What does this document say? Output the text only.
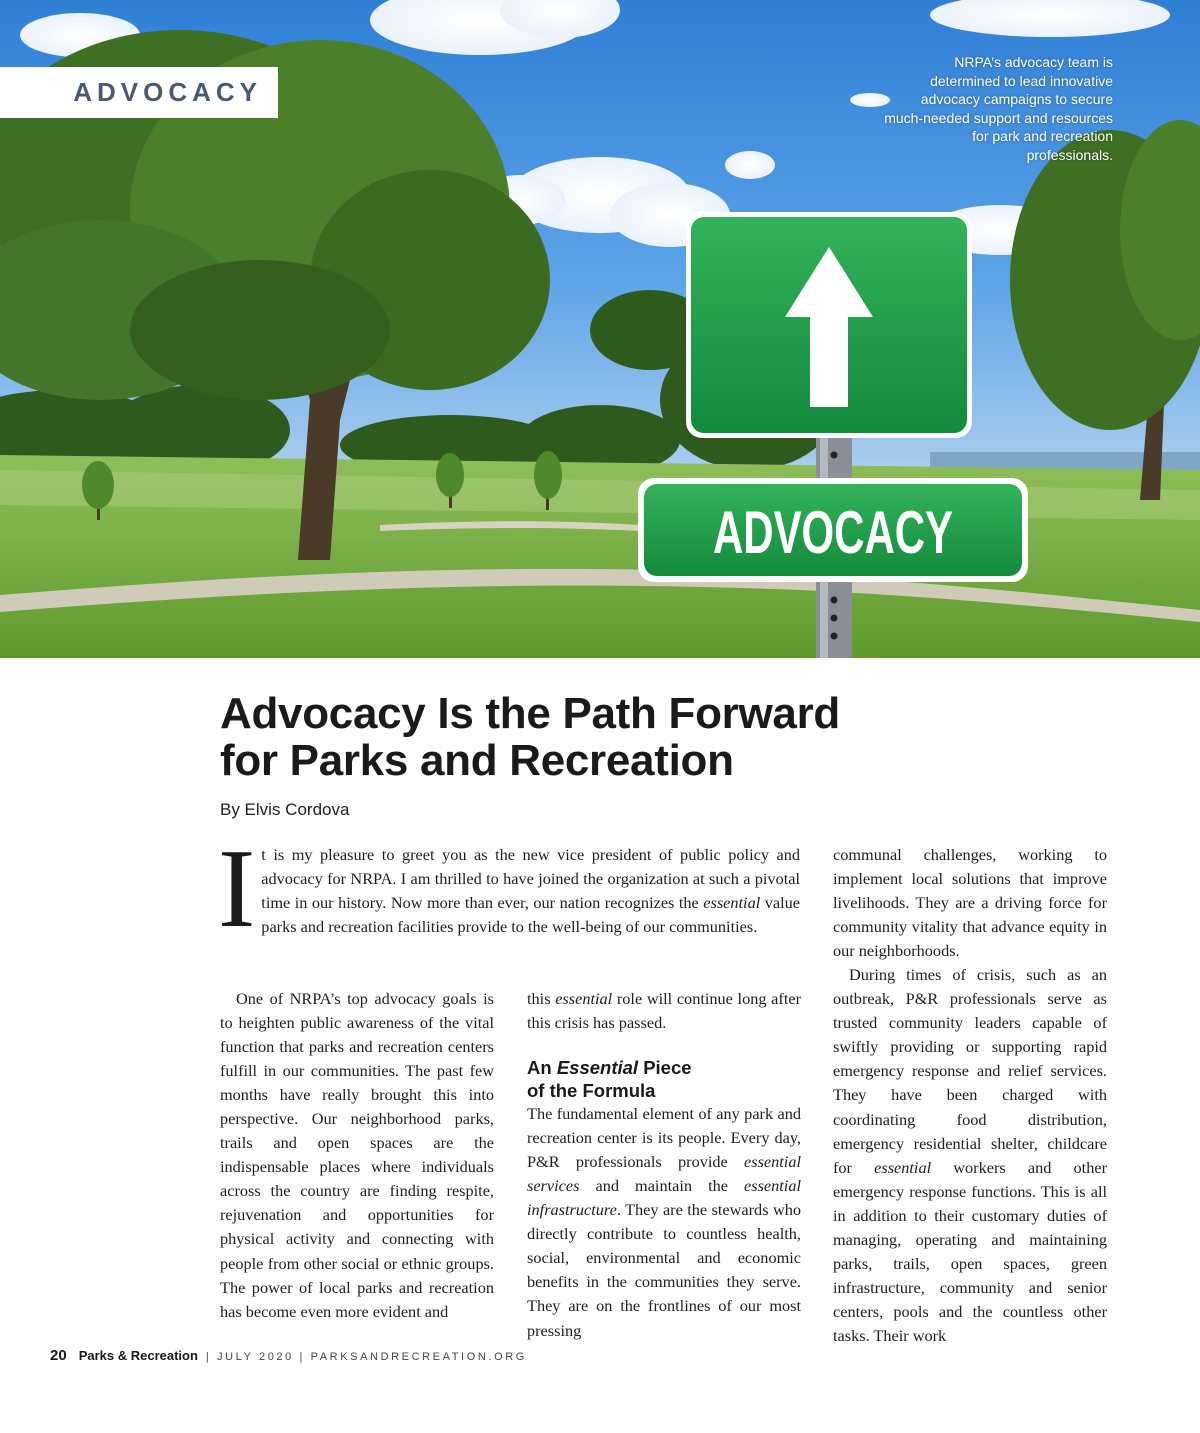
ADVOCACY
ADVOCACY
NRPA’s advocacy team is determined to lead innovative advocacy campaigns to secure much-needed support and resources for park and recreation professionals.
Advocacy Is the Path Forward
for Parks and Recreation

By Elvis Cordova

It is my pleasure to greet you as the new vice president of public policy and advocacy for NRPA. I am thrilled to have joined the organization at such a pivotal time in our history. Now more than ever, our nation recognizes the essential value parks and recreation facilities provide to the well-being of our communities.

One of NRPA’s top advocacy goals is to heighten public awareness of the vital function that parks and recreation centers fulfill in our communities. The past few months have really brought this into perspective. Our neighborhood parks, trails and open spaces are the indispensable places where individuals across the country are finding respite, rejuvenation and opportunities for physical activity and connecting with people from other social or ethnic groups. The power of local parks and recreation has become even more evident and

this essential role will continue long after this crisis has passed.

An Essential Piece
of the Formula

The fundamental element of any park and recreation center is its people. Every day, P&R professionals provide essential services and maintain the essential infrastructure. They are the stewards who directly contribute to countless health, social, environmental and economic benefits in the communities they serve. They are on the frontlines of our most pressing

communal challenges, working to implement local solutions that improve livelihoods. They are a driving force for community vitality that advance equity in our neighborhoods.

During times of crisis, such as an outbreak, P&R professionals serve as trusted community leaders capable of swiftly providing or supporting rapid emergency response and relief services. They have been charged with coordinating food distribution, emergency residential shelter, childcare for essential workers and other emergency response functions. This is all in addition to their customary duties of managing, operating and maintaining parks, trails, open spaces, green infrastructure, community and senior centers, pools and the countless other tasks. Their work

20 Parks & Recreation | JULY 2020 | PARKSANDRECREATION.ORG
